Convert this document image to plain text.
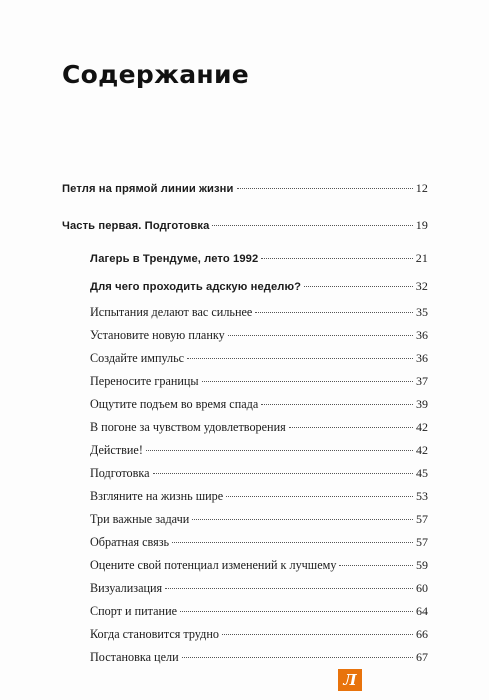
Содержание
Петля на прямой линии жизни	12
Часть первая. Подготовка	19
Лагерь в Трендуме, лето 1992	21
Для чего проходить адскую неделю?	32
Испытания делают вас сильнее	35
Установите новую планку	36
Создайте импульс	36
Переносите границы	37
Ощутите подъем во время спада	39
В погоне за чувством удовлетворения	42
Действие!	42
Подготовка	45
Взгляните на жизнь шире	53
Три важные задачи	57
Обратная связь	57
Оцените свой потенциал изменений к лучшему	59
Визуализация	60
Спорт и питание	64
Когда становится трудно	66
Постановка цели	67
Л
